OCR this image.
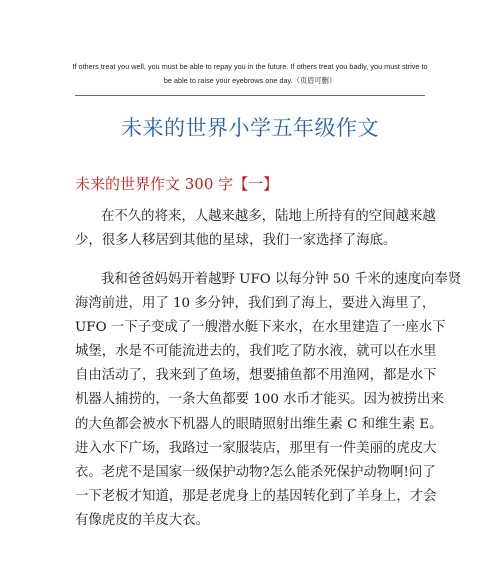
If others treat you well, you must be able to repay you in the future. If others treat you badly, you must strive to
be able to raise your eyebrows one day.（页眉可删）
未来的世界小学五年级作文
未来的世界作文 300 字【一】
在不久的将来，人越来越多，陆地上所持有的空间越来越
少，很多人移居到其他的星球，我们一家选择了海底。
我和爸爸妈妈开着越野 UFO 以每分钟 50 千米的速度向奉贤
海湾前进，用了 10 多分钟，我们到了海上，要进入海里了，
UFO 一下子变成了一艘潜水艇下来水，在水里建造了一座水下
城堡，水是不可能流进去的，我们吃了防水液，就可以在水里
自由活动了，我来到了鱼场，想要捕鱼都不用渔网，都是水下
机器人捕捞的，一条大鱼都要 100 水币才能买。因为被捞出来
的大鱼都会被水下机器人的眼睛照射出维生素 C 和维生素 E。
进入水下广场，我路过一家服装店，那里有一件美丽的虎皮大
衣。老虎不是国家一级保护动物?怎么能杀死保护动物啊!问了
一下老板才知道，那是老虎身上的基因转化到了羊身上，才会
有像虎皮的羊皮大衣。
